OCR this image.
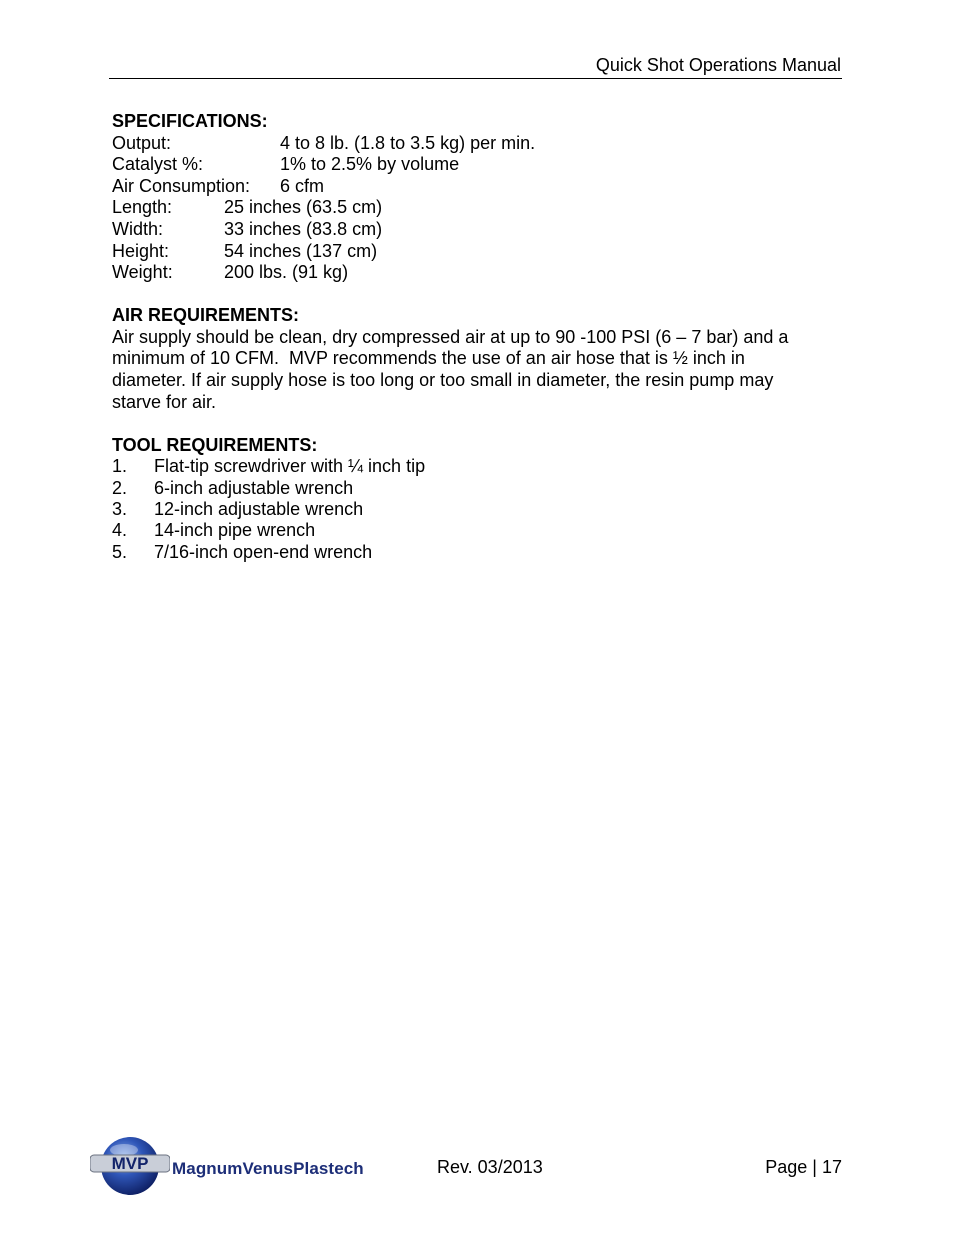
Quick Shot Operations Manual
SPECIFICATIONS:
Output:	4 to 8 lb. (1.8 to 3.5 kg) per min.
Catalyst %:	1% to 2.5% by volume
Air Consumption:	6 cfm
Length:	25 inches (63.5 cm)
Width:	33 inches (83.8 cm)
Height:	54 inches (137 cm)
Weight:	200 lbs. (91 kg)
AIR REQUIREMENTS:
Air supply should be clean, dry compressed air at up to 90 -100 PSI (6 – 7 bar) and a
minimum of 10 CFM.  MVP recommends the use of an air hose that is ½ inch in
diameter. If air supply hose is too long or too small in diameter, the resin pump may
starve for air.
TOOL REQUIREMENTS:
1.	Flat-tip screwdriver with ¼ inch tip
2.	6-inch adjustable wrench
3.	12-inch adjustable wrench
4.	14-inch pipe wrench
5.	7/16-inch open-end wrench
MVP MagnumVenusPlastech	Rev. 03/2013	Page | 17
